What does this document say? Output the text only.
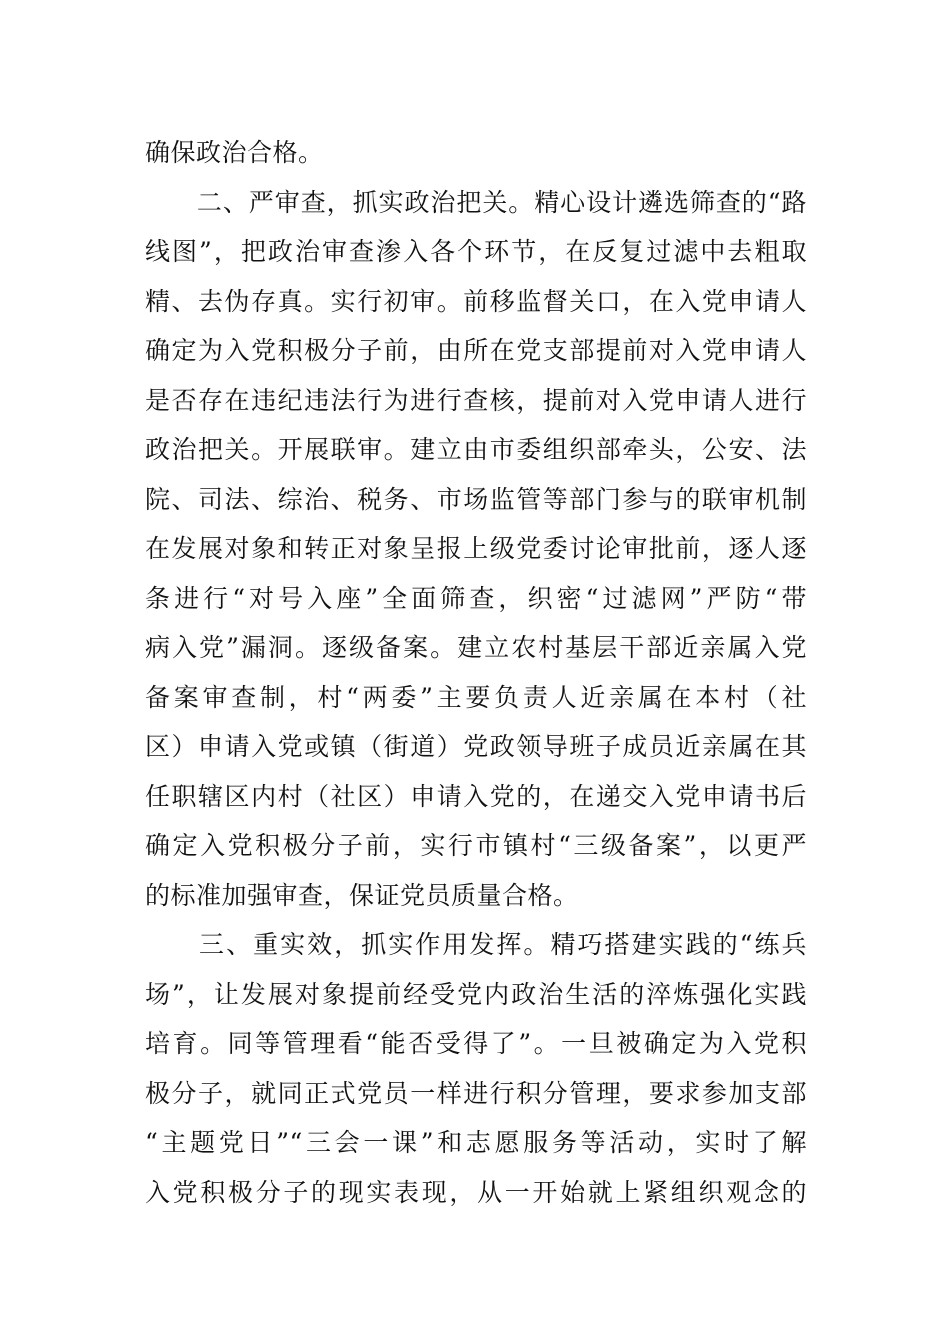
确保政治合格。
　　二、严审查，抓实政治把关。精心设计遴选筛查的“路
线图”，把政治审查渗入各个环节，在反复过滤中去粗取
精、去伪存真。实行初审。前移监督关口，在入党申请人
确定为入党积极分子前，由所在党支部提前对入党申请人
是否存在违纪违法行为进行查核，提前对入党申请人进行
政治把关。开展联审。建立由市委组织部牵头，公安、法
院、司法、综治、税务、市场监管等部门参与的联审机制
在发展对象和转正对象呈报上级党委讨论审批前，逐人逐
条进行“对号入座”全面筛查，织密“过滤网”严防“带
病入党”漏洞。逐级备案。建立农村基层干部近亲属入党
备案审查制，村“两委”主要负责人近亲属在本村（社
区）申请入党或镇（街道）党政领导班子成员近亲属在其
任职辖区内村（社区）申请入党的，在递交入党申请书后
确定入党积极分子前，实行市镇村“三级备案”，以更严
的标准加强审查，保证党员质量合格。
　　三、重实效，抓实作用发挥。精巧搭建实践的“练兵
场”，让发展对象提前经受党内政治生活的淬炼强化实践
培育。同等管理看“能否受得了”。一旦被确定为入党积
极分子，就同正式党员一样进行积分管理，要求参加支部
“主题党日”“三会一课”和志愿服务等活动，实时了解
入党积极分子的现实表现，从一开始就上紧组织观念的
